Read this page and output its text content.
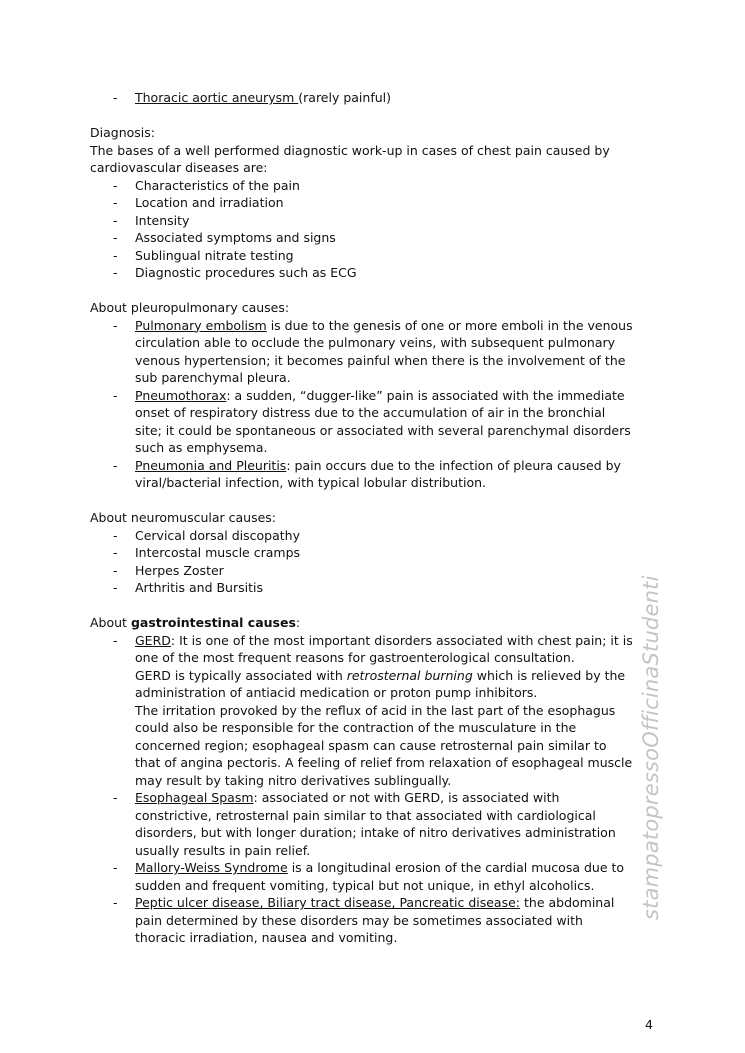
- Thoracic aortic aneurysm (rarely painful)

Diagnosis:

The bases of a well performed diagnostic work-up in cases of chest pain caused by cardiovascular diseases are:

- Characteristics of the pain
- Location and irradiation
- Intensity
- Associated symptoms and signs
- Sublingual nitrate testing
- Diagnostic procedures such as ECG

About pleuropulmonary causes:

- Pulmonary embolism is due to the genesis of one or more emboli in the venous circulation able to occlude the pulmonary veins, with subsequent pulmonary venous hypertension; it becomes painful when there is the involvement of the sub parenchymal pleura.
- Pneumothorax: a sudden, “dugger-like” pain is associated with the immediate onset of respiratory distress due to the accumulation of air in the bronchial site; it could be spontaneous or associated with several parenchymal disorders such as emphysema.
- Pneumonia and Pleuritis: pain occurs due to the infection of pleura caused by viral/bacterial infection, with typical lobular distribution.

About neuromuscular causes:

- Cervical dorsal discopathy
- Intercostal muscle cramps
- Herpes Zoster
- Arthritis and Bursitis

About gastrointestinal causes:

- GERD: It is one of the most important disorders associated with chest pain; it is one of the most frequent reasons for gastroenterological consultation.
GERD is typically associated with retrosternal burning which is relieved by the administration of antiacid medication or proton pump inhibitors.
The irritation provoked by the reflux of acid in the last part of the esophagus could also be responsible for the contraction of the musculature in the concerned region; esophageal spasm can cause retrosternal pain similar to that of angina pectoris. A feeling of relief from relaxation of esophageal muscle may result by taking nitro derivatives sublingually.
- Esophageal Spasm: associated or not with GERD, is associated with constrictive, retrosternal pain similar to that associated with cardiological disorders, but with longer duration; intake of nitro derivatives administration usually results in pain relief.
- Mallory-Weiss Syndrome is a longitudinal erosion of the cardial mucosa due to sudden and frequent vomiting, typical but not unique, in ethyl alcoholics.
- Peptic ulcer disease, Biliary tract disease, Pancreatic disease: the abdominal pain determined by these disorders may be sometimes associated with thoracic irradiation, nausea and vomiting.
stampatopressoOfficinaStudenti
4
